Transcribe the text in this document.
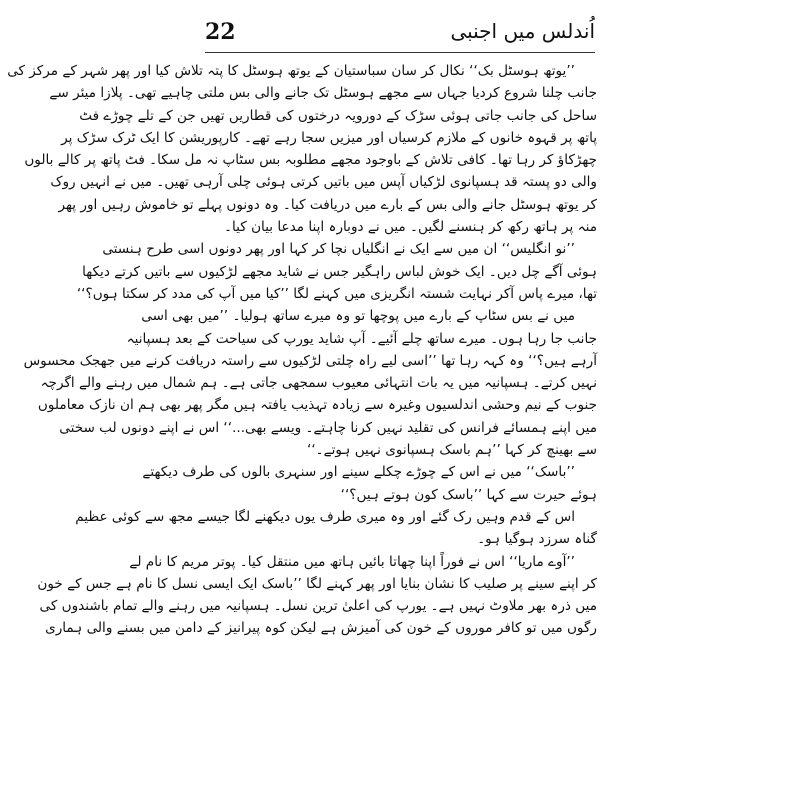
22	اُندلس میں اجنبی
’’یوتھ ہوسٹل بک‘‘ نکال کر سان سباستیان کے یوتھ ہوسٹل کا پتہ تلاش کیا اور پھر شہر کے مرکز کی
جانب چلنا شروع کردیا جہاں سے مجھے ہوسٹل تک جانے والی بس ملتی چاہیے تھی۔ پلازا میئر سے
ساحل کی جانب جاتی ہوئی سڑک کے دورویہ درختوں کی قطاریں تھیں جن کے تلے چوڑے فٹ
پاتھ پر قہوہ خانوں کے ملازم کرسیاں اور میزیں سجا رہے تھے۔ کارپوریشن کا ایک ٹرک سڑک پر
چھڑکاؤ کر رہا تھا۔ کافی تلاش کے باوجود مجھے مطلوبہ بس سٹاپ نہ مل سکا۔ فٹ پاتھ پر کالے بالوں
والی دو پستہ قد ہسپانوی لڑکیاں آپس میں باتیں کرتی ہوئی چلی آرہی تھیں۔ میں نے انہیں روک
کر یوتھ ہوسٹل جانے والی بس کے بارے میں دریافت کیا۔ وہ دونوں پہلے تو خاموش رہیں اور پھر
منہ پر ہاتھ رکھ کر ہنسنے لگیں۔ میں نے دوبارہ اپنا مدعا بیان کیا۔
’’نو انگلیس‘‘ ان میں سے ایک نے انگلیاں نچا کر کہا اور پھر دونوں اسی طرح ہنستی
ہوئی آگے چل دیں۔ ایک خوش لباس راہگیر جس نے شاید مجھے لڑکیوں سے باتیں کرتے دیکھا
تھا، میرے پاس آکر نہایت شستہ انگریزی میں کہنے لگا ’’کیا میں آپ کی مدد کر سکتا ہوں؟‘‘
میں نے بس سٹاپ کے بارے میں پوچھا تو وہ میرے ساتھ ہولیا۔ ’’میں بھی اسی
جانب جا رہا ہوں۔ میرے ساتھ چلے آئیے۔ آپ شاید یورپ کی سیاحت کے بعد ہسپانیہ
آرہے ہیں؟‘‘ وہ کہہ رہا تھا ’’اسی لیے راہ چلتی لڑکیوں سے راستہ دریافت کرنے میں جھجک محسوس
نہیں کرتے۔ ہسپانیہ میں یہ بات انتہائی معیوب سمجھی جاتی ہے۔ ہم شمال میں رہنے والے اگرچہ
جنوب کے نیم وحشی اندلسیوں وغیرہ سے زیادہ تہذیب یافتہ ہیں مگر پھر بھی ہم ان نازک معاملوں
میں اپنے ہمسائے فرانس کی تقلید نہیں کرنا چاہتے۔ ویسے بھی...‘‘ اس نے اپنے دونوں لب سختی
سے بھینچ کر کہا ’’ہم باسک ہسپانوی نہیں ہوتے۔‘‘
’’باسک‘‘ میں نے اس کے چوڑے چکلے سینے اور سنہری بالوں کی طرف دیکھتے
ہوئے حیرت سے کہا ’’باسک کون ہوتے ہیں؟‘‘
اس کے قدم وہیں رک گئے اور وہ میری طرف یوں دیکھنے لگا جیسے مجھ سے کوئی عظیم
گناہ سرزد ہوگیا ہو۔
’’آوے ماریا‘‘ اس نے فوراً اپنا چھاتا بائیں ہاتھ میں منتقل کیا۔ پوتر مریم کا نام لے
کر اپنے سینے پر صلیب کا نشان بنایا اور پھر کہنے لگا ’’باسک ایک ایسی نسل کا نام ہے جس کے خون
میں ذرہ بھر ملاوٹ نہیں ہے۔ یورپ کی اعلیٰ ترین نسل۔ ہسپانیہ میں رہنے والے تمام باشندوں کی
رگوں میں تو کافر موروں کے خون کی آمیزش ہے لیکن کوہ پیرانیز کے دامن میں بسنے والی ہماری
